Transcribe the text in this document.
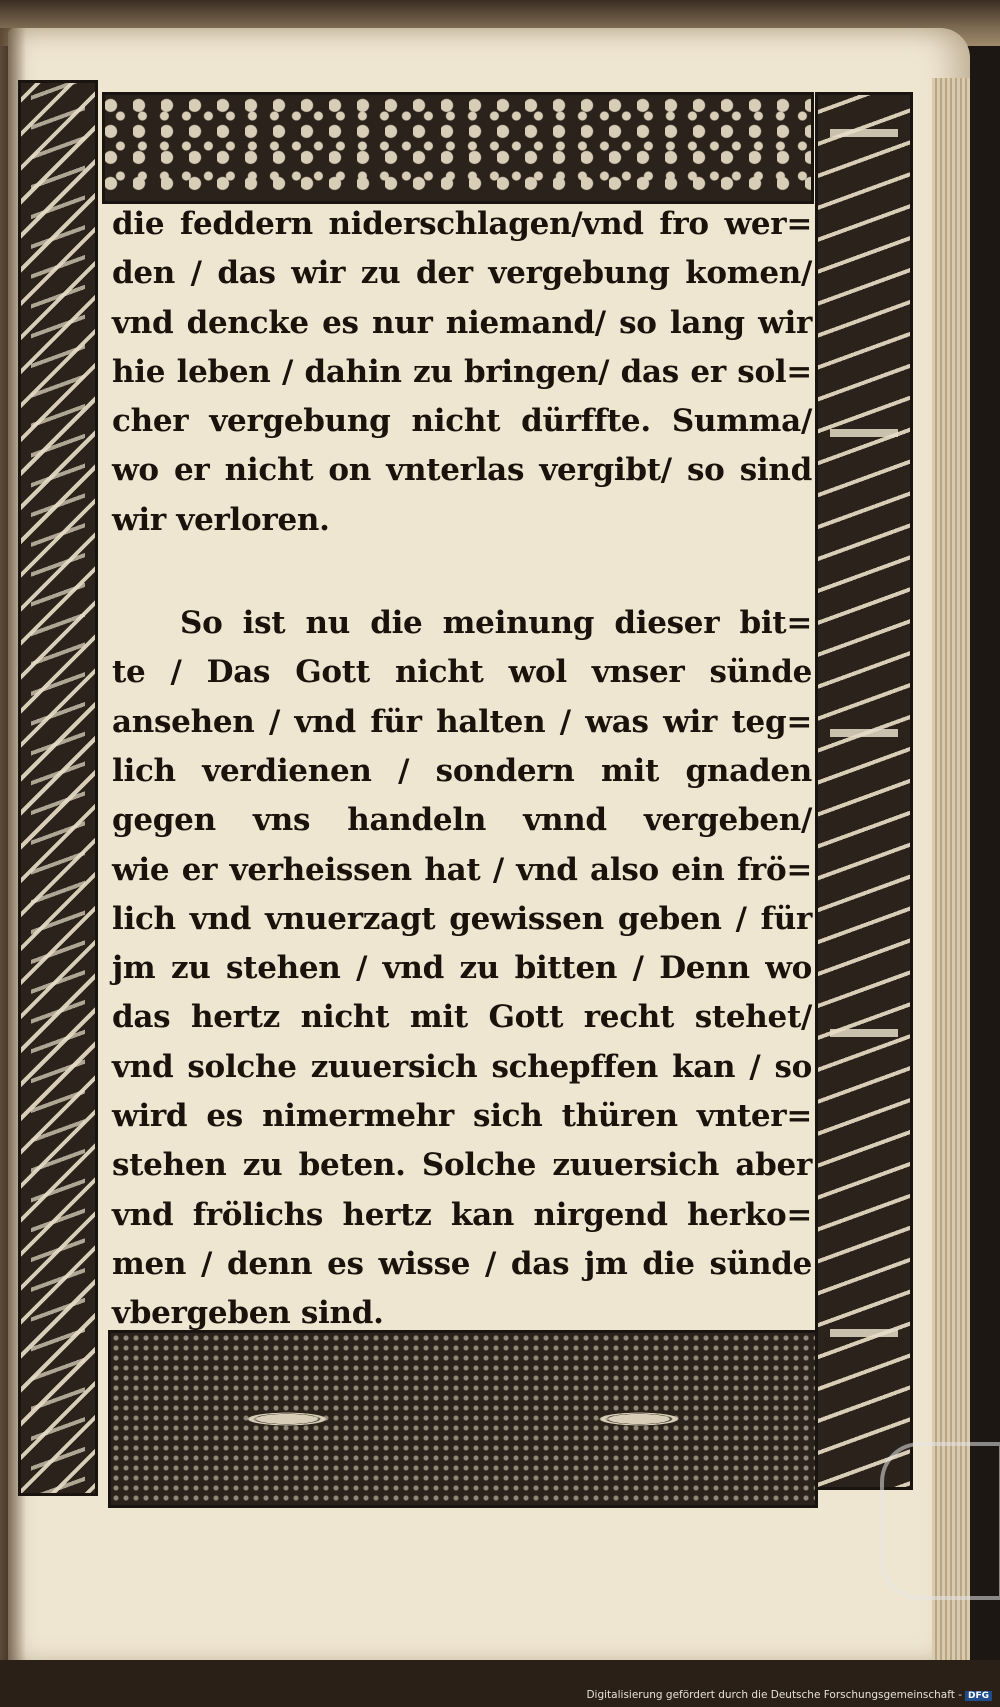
die feddern niderschlagen/vnd fro wer=
den / das wir zu der vergebung komen/
vnd dencke es nur niemand/ so lang wir
hie leben / dahin zu bringen/ das er sol=
cher vergebung nicht dürffte. Summa/
wo er nicht on vnterlas vergibt/ so sind
wir verloren.
So ist nu die meinung dieser bit=
te / Das Gott nicht wol vnser sünde
ansehen / vnd für halten / was wir teg=
lich verdienen / sondern mit gnaden
gegen vns handeln vnnd vergeben/
wie er verheissen hat / vnd also ein frö=
lich vnd vnuerzagt gewissen geben / für
jm zu stehen / vnd zu bitten / Denn wo
das hertz nicht mit Gott recht stehet/
vnd solche zuuersich schepffen kan / so
wird es nimermehr sich thüren vnter=
stehen zu beten. Solche zuuersich aber
vnd frölichs hertz kan nirgend herko=
men / denn es wisse / das jm die sünde
vbergeben sind.
Digitalisierung gefördert durch die Deutsche Forschungsgemeinschaft - DFG
